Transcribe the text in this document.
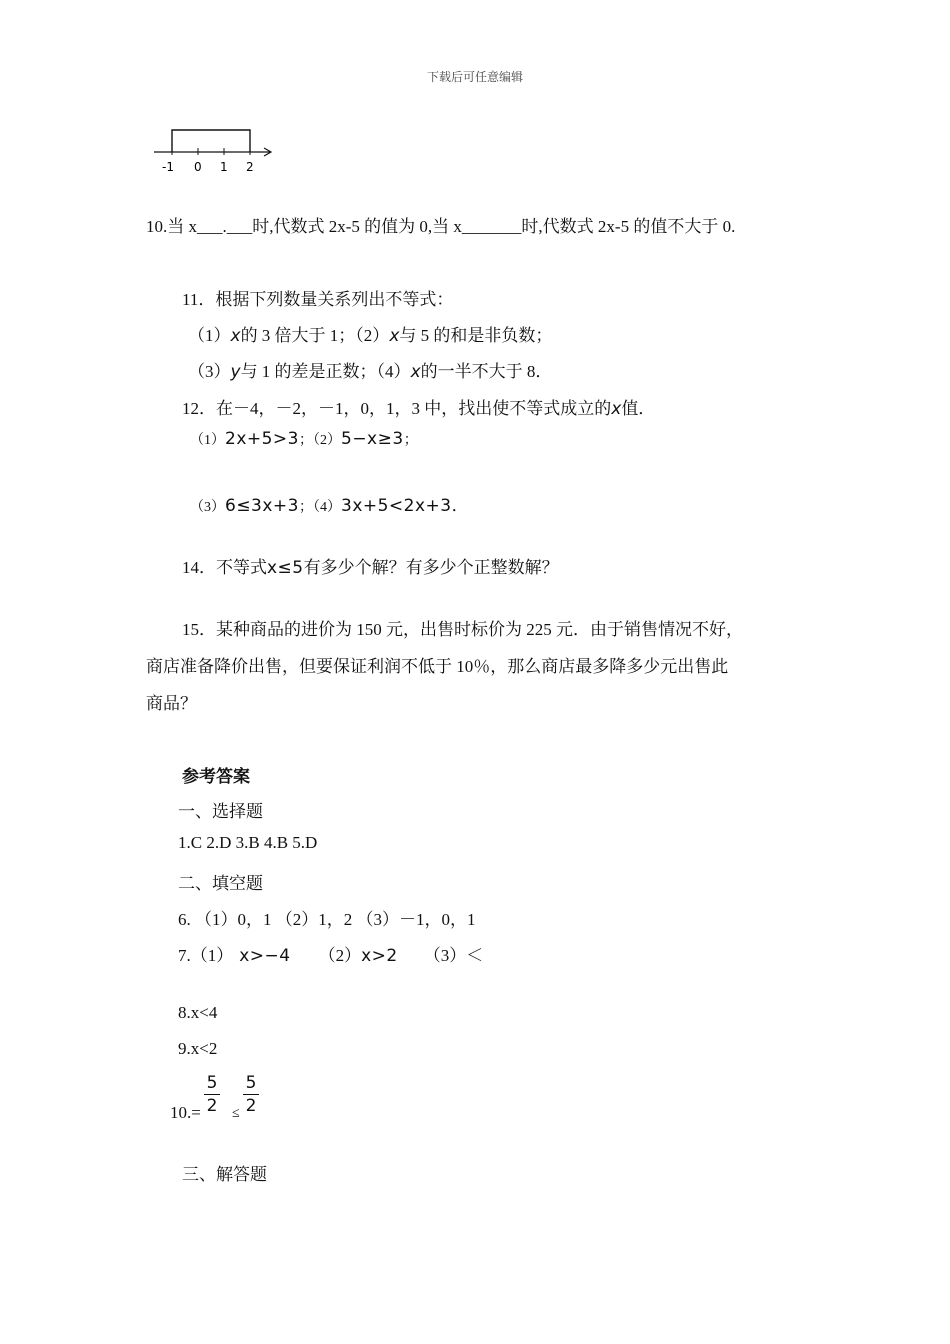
下载后可任意编辑
-1 0 1 2
10.当 x___.___时,代数式 2x-5 的值为 0,当 x_______时,代数式 2x-5 的值不大于 0.
11．根据下列数量关系列出不等式：
（1）x的 3 倍大于 1；（2）x与 5 的和是非负数；
（3）y与 1 的差是正数；（4）x的一半不大于 8．
12．在－4，－2，－1，0，1，3 中，找出使不等式成立的x值．
（1）2x+5>3；（2）5−x≥3；
（3）6≤3x+3；（4）3x+5<2x+3．
14．不等式x≤5有多少个解？有多少个正整数解？
15．某种商品的进价为 150 元，出售时标价为 225 元．由于销售情况不好，
商店准备降价出售，但要保证利润不低于 10％，那么商店最多降多少元出售此
商品？
参考答案
一、选择题
1.C 2.D 3.B 4.B 5.D
二、填空题
6. （1）0，1 （2）1，2 （3）－1，0，1
7.（1） x>−4 （2）x>2 （3）＜
8.x<4
9.x<2
10.=
5
2 ≤
5
2
三、解答题
